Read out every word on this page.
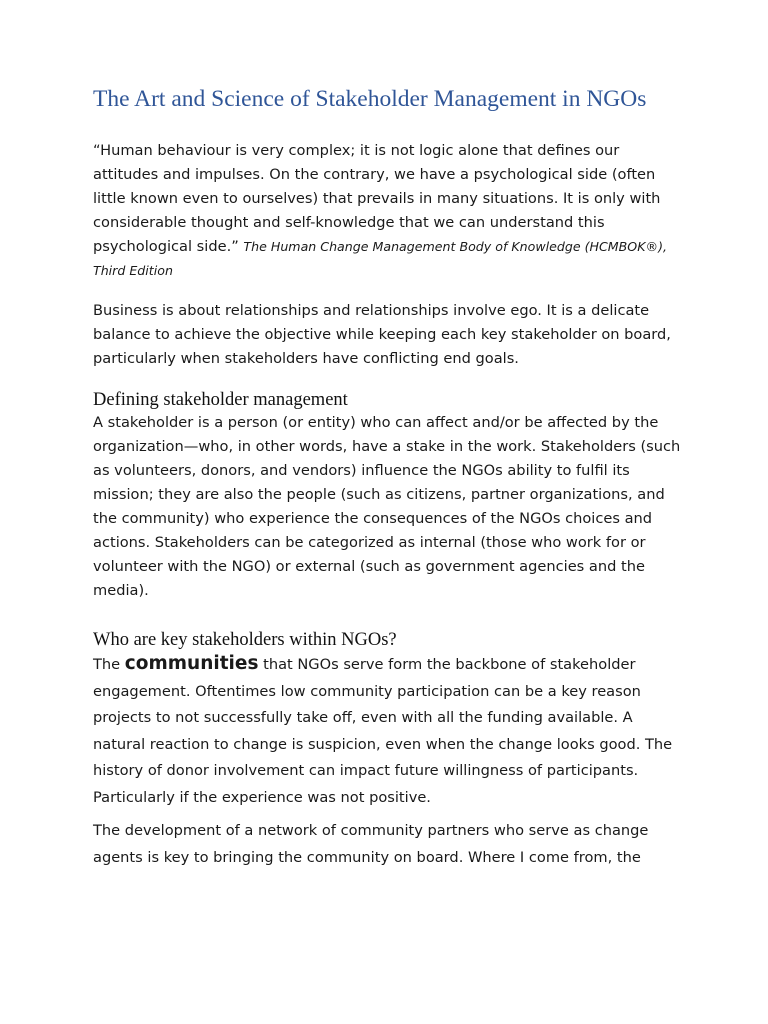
The Art and Science of Stakeholder Management in NGOs

“Human behaviour is very complex; it is not logic alone that defines our attitudes and impulses. On the contrary, we have a psychological side (often little known even to ourselves) that prevails in many situations. It is only with considerable thought and self-knowledge that we can understand this psychological side.” The Human Change Management Body of Knowledge (HCMBOK®), Third Edition

Business is about relationships and relationships involve ego. It is a delicate balance to achieve the objective while keeping each key stakeholder on board, particularly when stakeholders have conflicting end goals.

Defining stakeholder management

A stakeholder is a person (or entity) who can affect and/or be affected by the organization—who, in other words, have a stake in the work. Stakeholders (such as volunteers, donors, and vendors) influence the NGOs ability to fulfil its mission; they are also the people (such as citizens, partner organizations, and the community) who experience the consequences of the NGOs choices and actions. Stakeholders can be categorized as internal (those who work for or volunteer with the NGO) or external (such as government agencies and the media).

Who are key stakeholders within NGOs?

The communities that NGOs serve form the backbone of stakeholder engagement. Oftentimes low community participation can be a key reason projects to not successfully take off, even with all the funding available. A natural reaction to change is suspicion, even when the change looks good. The history of donor involvement can impact future willingness of participants. Particularly if the experience was not positive.

The development of a network of community partners who serve as change agents is key to bringing the community on board. Where I come from, the
